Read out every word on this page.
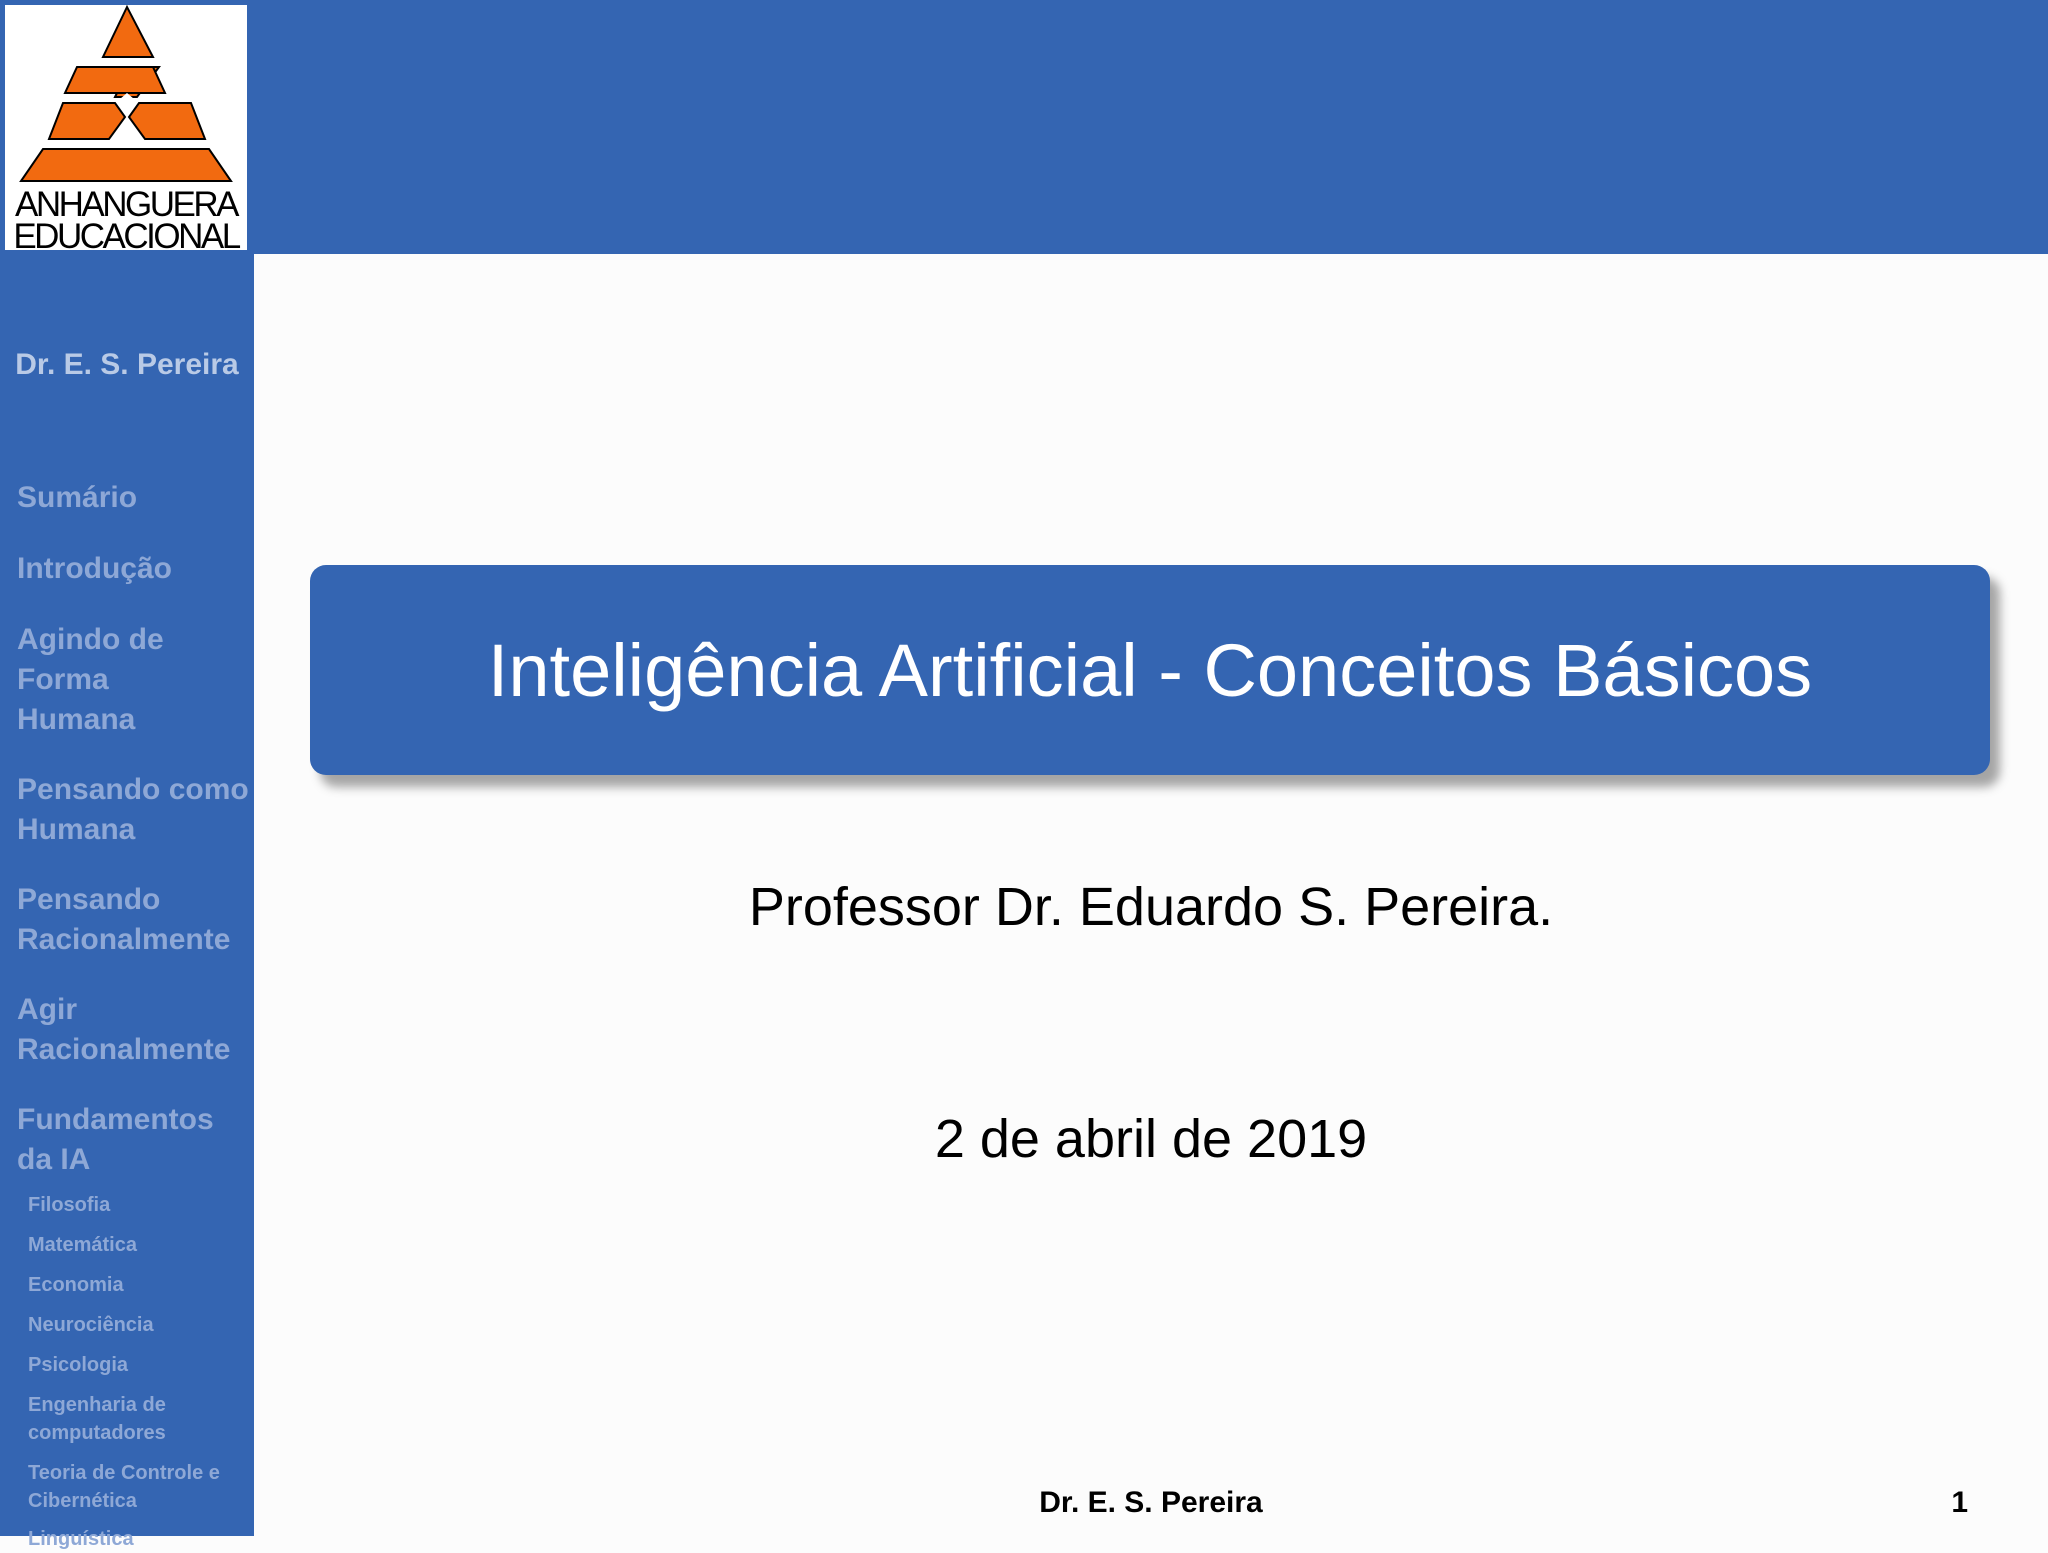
ANHANGUERA
EDUCACIONAL
Dr. E. S. Pereira
Sumário
Introdução
Agindo de Forma Humana
Pensando como Humana
Pensando Racionalmente
Agir Racionalmente
Fundamentos da IA
Filosofia
Matemática
Economia
Neurociência
Psicologia
Engenharia de computadores
Teoria de Controle e Cibernética
Linguística
Inteligência Artificial - Conceitos Básicos
Professor Dr. Eduardo S. Pereira.
2 de abril de 2019
Dr. E. S. Pereira	1
